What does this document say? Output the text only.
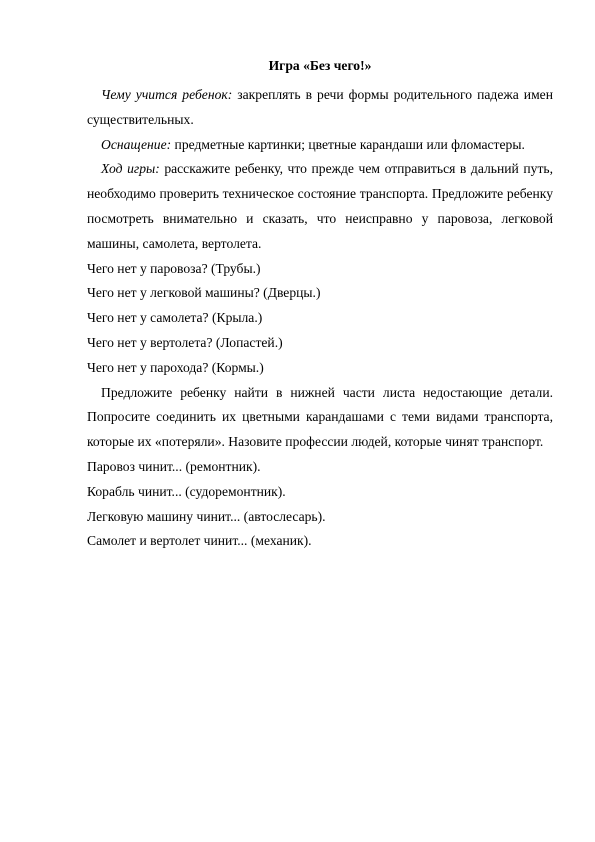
Игра «Без чего!»

Чему учится ребенок: закреплять в речи формы родительного падежа имен существительных.

Оснащение: предметные картинки; цветные карандаши или фломастеры.

Ход игры: расскажите ребенку, что прежде чем отправиться в дальний путь, необходимо проверить техническое состояние транспорта. Предложите ребенку посмотреть внимательно и сказать, что неисправно у паровоза, легковой машины, самолета, вертолета.

Чего нет у паровоза? (Трубы.)

Чего нет у легковой машины? (Дверцы.)

Чего нет у самолета? (Крыла.)

Чего нет у вертолета? (Лопастей.)

Чего нет у парохода? (Кормы.)

Предложите ребенку найти в нижней части листа недостающие детали. Попросите соединить их цветными карандашами с теми видами транспорта, которые их «потеряли». Назовите профессии людей, которые чинят транспорт.

Паровоз чинит... (ремонтник).

Корабль чинит... (судоремонтник).

Легковую машину чинит... (автослесарь).

Самолет и вертолет чинит... (механик).
